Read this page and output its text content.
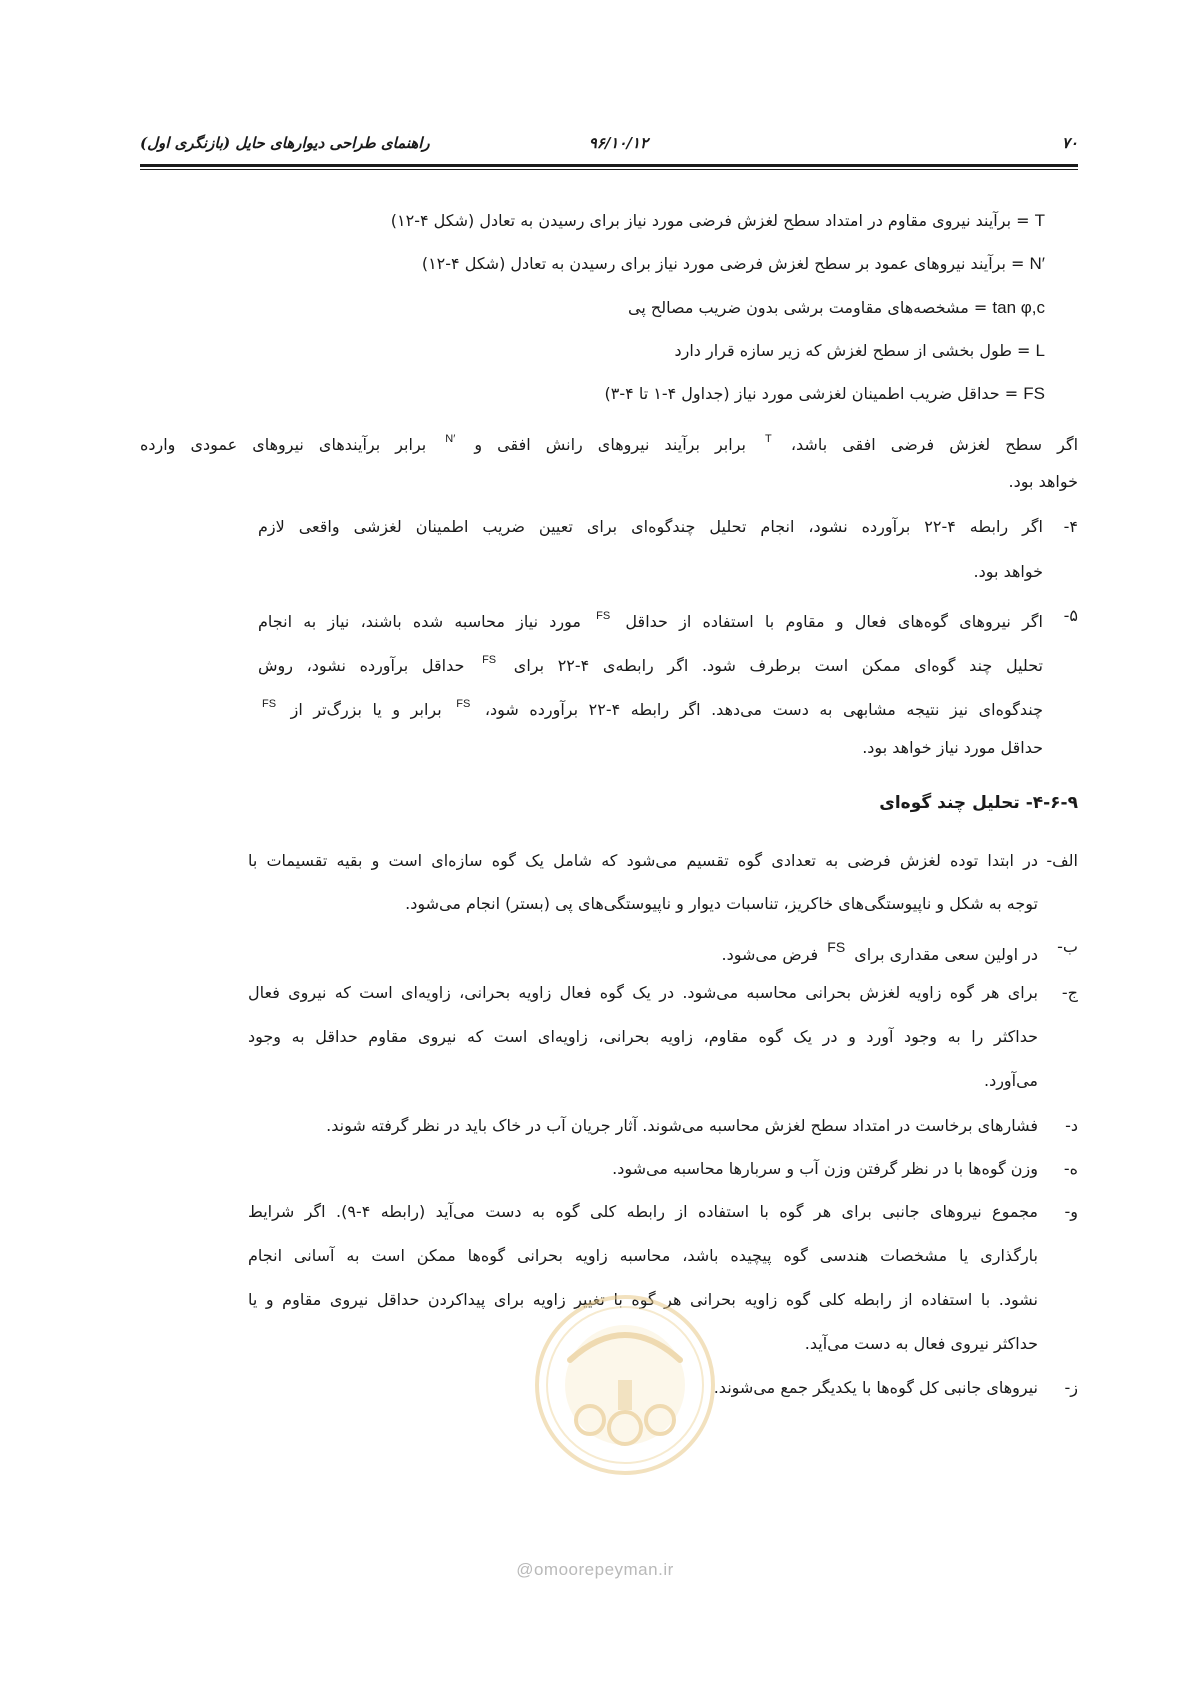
۷۰
۹۶/۱۰/۱۲
راهنمای طراحی دیوارهای حایل (بازنگری اول)
T = برآیند نیروی مقاوم در امتداد سطح لغزش فرضی مورد نیاز برای رسیدن به تعادل (شکل ۴-۱۲)
N′ = برآیند نیروهای عمود بر سطح لغزش فرضی مورد نیاز برای رسیدن به تعادل (شکل ۴-۱۲)
tan φ,c = مشخصه‌های مقاومت برشی بدون ضریب مصالح پی
L = طول بخشی از سطح لغزش که زیر سازه قرار دارد
FS = حداقل ضریب اطمینان لغزشی مورد نیاز (جداول ۴-۱ تا ۴-۳)
اگر سطح لغزش فرضی افقی باشد، $^T$ برابر برآیند نیروهای رانش افقی و $^{N'}$ برابر برآیندهای نیروهای عمودی وارده
خواهد بود.
۴-
اگر رابطه ۴-۲۲ برآورده نشود، انجام تحلیل چندگوه‌ای برای تعیین ضریب اطمینان لغزشی واقعی لازم
خواهد بود.
۵-
اگر نیروهای گوه‌های فعال و مقاوم با استفاده از حداقل $^{FS}$ مورد نیاز محاسبه شده باشند، نیاز به انجام
تحلیل چند گوه‌ای ممکن است برطرف شود. اگر رابطه‌ی ۴-۲۲ برای $^{FS}$ حداقل برآورده نشود، روش
چندگوه‌ای نیز نتیجه مشابهی به دست می‌دهد. اگر رابطه ۴-۲۲ برآورده شود، $^{FS}$ برابر و یا بزرگ‌تر از $^{FS}$
حداقل مورد نیاز خواهد بود.
۴-۶-۹- تحلیل چند گوه‌ای
الف-
در ابتدا توده لغزش فرضی به تعدادی گوه تقسیم می‌شود که شامل یک گوه سازه‌ای است و بقیه تقسیمات با
توجه به شکل و ناپیوستگی‌های خاکریز، تناسبات دیوار و ناپیوستگی‌های پی (بستر) انجام می‌شود.
ب-
در اولین سعی مقداری برای FS فرض می‌شود.
ج-
برای هر گوه زاویه لغزش بحرانی محاسبه می‌شود. در یک گوه فعال زاویه بحرانی، زاویه‌ای است که نیروی فعال
حداکثر را به وجود آورد و در یک گوه مقاوم، زاویه بحرانی، زاویه‌ای است که نیروی مقاوم حداقل به وجود
می‌آورد.
د-
فشارهای برخاست در امتداد سطح لغزش محاسبه می‌شوند. آثار جریان آب در خاک باید در نظر گرفته شوند.
ه-
وزن گوه‌ها با در نظر گرفتن وزن آب و سربارها محاسبه می‌شود.
و-
مجموع نیروهای جانبی برای هر گوه با استفاده از رابطه کلی گوه به دست می‌آید (رابطه ۴-۹). اگر شرایط
بارگذاری یا مشخصات هندسی گوه پیچیده باشد، محاسبه زاویه بحرانی گوه‌ها ممکن است به آسانی انجام
نشود. با استفاده از رابطه کلی گوه زاویه بحرانی هر گوه با تغییر زاویه برای پیداکردن حداقل نیروی مقاوم و یا
حداکثر نیروی فعال به دست می‌آید.
ز-
نیروهای جانبی کل گوه‌ها با یکدیگر جمع می‌شوند.
@omoorepeyman.ir
